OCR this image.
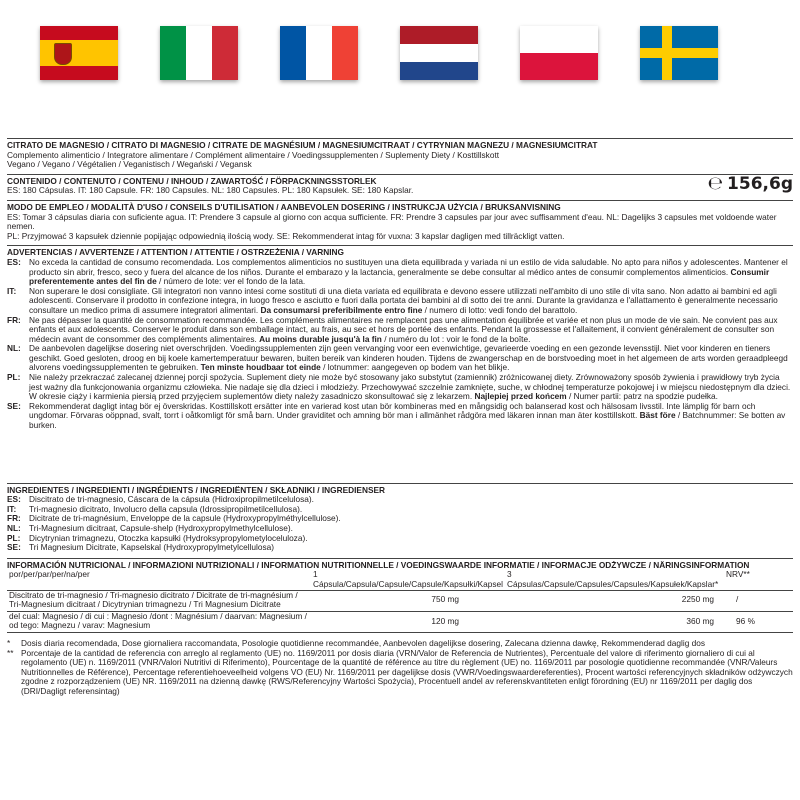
CITRATO DE MAGNESIO / CITRATO DI MAGNESIO / CITRATE DE MAGNÉSIUM / MAGNESIUMCITRAAT / CYTRYNIAN MAGNEZU / MAGNESIUMCITRAT

Complemento alimenticio / Integratore alimentare / Complément alimentaire / Voedingssupplementen / Suplementy Diety / Kosttillskott

Vegano / Vegano / Végétalien / Veganistisch / Wegański / Vegansk

CONTENIDO / CONTENUTO / CONTENU / INHOUD / ZAWARTOŚĆ / FÖRPACKNINGSSTORLEK

ES: 180 Cápsulas. IT: 180 Capsule. FR: 180 Capsules. NL: 180 Capsules. PL: 180 Kapsułek. SE: 180 Kapslar.	℮ 156,6g

MODO DE EMPLEO / MODALITÀ D'USO / CONSEILS D'UTILISATION / AANBEVOLEN DOSERING / INSTRUKCJA UŻYCIA / BRUKSANVISNING

ES: Tomar 3 cápsulas diaria con suficiente agua. IT: Prendere 3 capsule al giorno con acqua sufficiente. FR: Prendre 3 capsules par jour avec suffisamment d'eau. NL: Dagelijks 3 capsules met voldoende water nemen.

PL: Przyjmować 3 kapsułek dziennie popijając odpowiednią ilością wody. SE: Rekommenderat intag för vuxna: 3 kapslar dagligen med tillräckligt vatten.

ADVERTENCIAS / AVVERTENZE / ATTENTION / ATTENTIE / OSTRZEŻENIA / VARNING

ES: No exceda la cantidad de consumo recomendada. Los complementos alimenticios no sustituyen una dieta equilibrada y variada ni un estilo de vida saludable. No apto para niños y adolescentes. Mantener el producto sin abrir, fresco, seco y fuera del alcance de los niños. Durante el embarazo y la lactancia, generalmente se debe consultar al médico antes de consumir complementos alimenticios. Consumir preferentemente antes del fin de / número de lote: ver el fondo de la lata.
IT:	Non superare le dosi consigliate. Gli integratori non vanno intesi come sostituti di una dieta variata ed equilibrata e devono essere utilizzati nell'ambito di uno stile di vita sano. Non adatto ai bambini ed agli adolescenti. Conservare il prodotto in confezione integra, in luogo fresco e asciutto e fuori dalla portata dei bambini al di sotto dei tre anni. Durante la gravidanza e l'allattamento è generalmente necessario consultare un medico prima di assumere integratori alimentari. Da consumarsi preferibilmente entro fine / numero di lotto: vedi fondo del barattolo.
FR: Ne pas dépasser la quantité de consommation recommandée. Les compléments alimentaires ne remplacent pas une alimentation équilibrée et variée et non plus un mode de vie sain. Ne convient pas aux enfants et aux adolescents. Conserver le produit dans son emballage intact, au frais, au sec et hors de portée des enfants. Pendant la grossesse et l'allaitement, il convient généralement de consulter son médecin avant de consommer des compléments alimentaires. Au moins durable jusqu'à la fin / numéro du lot : voir le fond de la boîte.
NL: De aanbevolen dagelijkse dosering niet overschrijden. Voedingssupplementen zijn geen vervanging voor een evenwichtige, gevarieerde voeding en een gezonde levensstijl. Niet voor kinderen en tieners geschikt. Goed gesloten, droog en bij koele kamertemperatuur bewaren, buiten bereik van kinderen houden. Tijdens de zwangerschap en de borstvoeding moet in het algemeen de arts worden geraadpleegd alvorens voedingssupplementen te gebruiken. Ten minste houdbaar tot einde / lotnummer: aangegeven op bodem van het blikje.
PL:	Nie należy przekraczać zalecanej dziennej porcji spożycia. Suplement diety nie może być stosowany jako substytut (zamiennik) zróżnicowanej diety. Zrównoważony sposób żywienia i prawidłowy tryb życia jest ważny dla funkcjonowania organizmu człowieka. Nie nadaje się dla dzieci i młodzieży. Przechowywać szczelnie zamknięte, suche, w chłodnej temperaturze pokojowej i w miejscu niedostępnym dla dzieci. W okresie ciąży i karmienia piersią przed przyjęciem suplementów diety należy zasadniczo skonsultować się z lekarzem. Najlepiej przed końcem / Numer partii: patrz na spodzie pudełka.
SE: Rekommenderat dagligt intag bör ej överskridas. Kosttillskott ersätter inte en varierad kost utan bör kombineras med en mångsidig och balanserad kost och hälsosam livsstil. Inte lämplig för barn och ungdomar. Förvaras oöppnad, svalt, torrt i oåtkomligt för små barn. Under graviditet och amning bör man i allmänhet rådgöra med läkaren innan man äter kosttillskott. Bäst före / Batchnummer: Se botten av burken.

INGREDIENTES / INGREDIENTI / INGRÉDIENTS / INGREDIËNTEN / SKŁADNIKI / INGREDIENSER

ES: Discitrato de tri-magnesio, Cáscara de la cápsula (Hidroxipropilmetilcelulosa).
IT:	Tri-magnesio dicitrato, Involucro della capsula (Idrossipropilmetilcellulosa).
FR: Dicitrate de tri-magnésium, Enveloppe de la capsule (Hydroxypropylméthylcellulose).
NL: Tri-Magnesium dicitraat, Capsule-shelp (Hydroxypropylmethylcellulose).
PL:	Dicytrynian trimagnezu, Otoczka kapsułki (Hydroksypropylometyloceluloza).
SE: Tri Magnesium Dicitrate, Kapselskal (Hydroxypropylmetylcellulosa)

INFORMACIÓN NUTRICIONAL / INFORMAZIONI NUTRIZIONALI / INFORMATION NUTRITIONNELLE / VOEDINGSWAARDE INFORMATIE / INFORMACJE ODŻYWCZE / NÄRINGSINFORMATION

por/per/par/per/na/per	1 Cápsula/Capsula/Capsule/Capsule/Kapsułki/Kapsel	3 Cápsulas/Capsule/Capsules/Capsules/Kapsułek/Kapslar*	NRV**

Discitrato de tri-magnesio / Tri-magnesio dicitrato / Dicitrate de tri-magnésium /
Tri-Magnesium dicitraat / Dicytrynian trimagnezu / Tri Magnesium Dicitrate	750 mg	2250 mg	/

del cual: Magnesio / di cui : Magnesio /dont : Magnésium / daarvan: Magnesium /
od tego: Magnezu / varav: Magnesium	120 mg	360 mg	96 %
*	Dosis diaria recomendada, Dose giornaliera raccomandata, Posologie quotidienne recommandée, Aanbevolen dagelijkse dosering, Zalecana dzienna dawkę, Rekommenderad daglig dos
** Porcentaje de la cantidad de referencia con arreglo al reglamento (UE) no. 1169/2011 por dosis diaria (VRN/Valor de Referencia de Nutrientes), Percentuale del valore di riferimento giornaliero di cui al regolamento (UE) n. 1169/2011 (VNR/Valori Nutritivi di Riferimento), Pourcentage de la quantité de référence au titre du règlement (UE) no. 1169/2011 par posologie quotidienne recommandée (VNR/Valeurs Nutritionnelles de Référence), Percentage referentiehoeveelheid volgens VO (EU) Nr. 1169/2011 per dagelijkse dosis (VWR/Voedingswaardereferenties), Procent wartości referencyjnych składników odżywczych zgodne z rozporządzeniem (UE) NR. 1169/2011 na dzienną dawkę (RWS/Referencyjny Wartości Spożycia), Procentuell andel av referenskvantiteten enligt förordning (EU) nr 1169/2011 per daglig dos (DRI/Dagligt referensintag)
